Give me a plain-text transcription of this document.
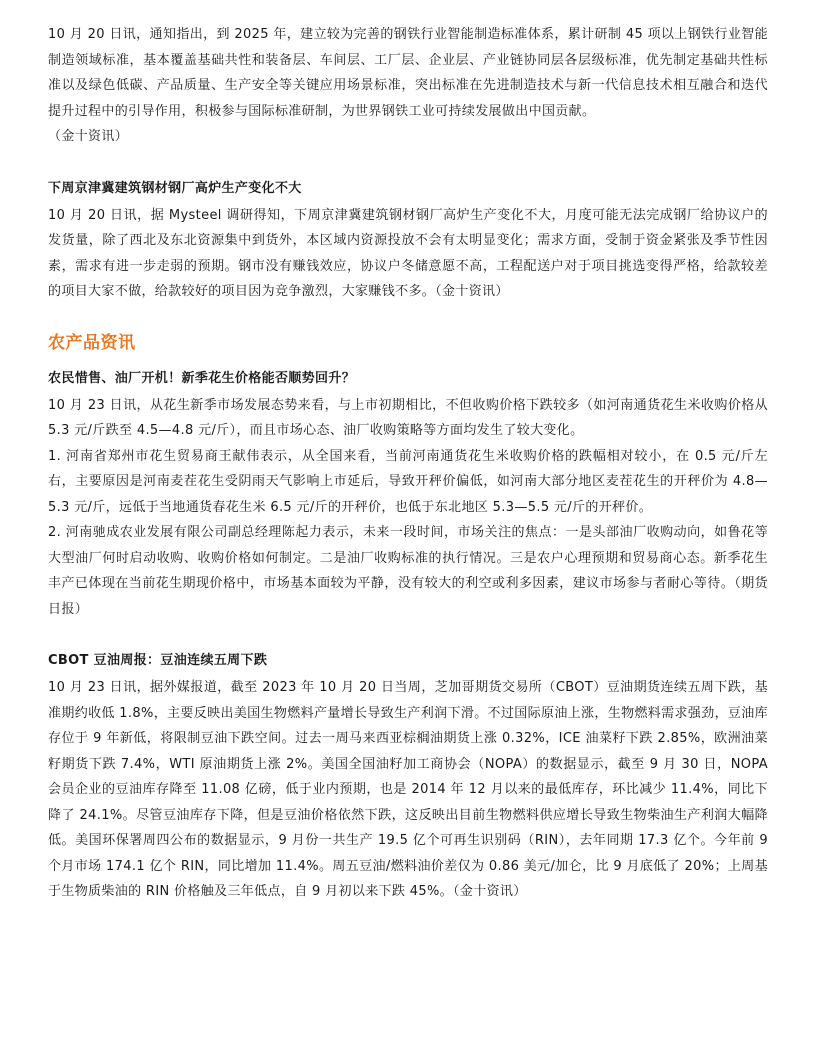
10 月 20 日讯，通知指出，到 2025 年，建立较为完善的钢铁行业智能制造标准体系，累计研制 45 项以上钢铁行业智能制造领域标准，基本覆盖基础共性和装备层、车间层、工厂层、企业层、产业链协同层各层级标准，优先制定基础共性标准以及绿色低碳、产品质量、生产安全等关键应用场景标准，突出标准在先进制造技术与新一代信息技术相互融合和迭代提升过程中的引导作用，积极参与国际标准研制，为世界钢铁工业可持续发展做出中国贡献。

（金十资讯）

下周京津冀建筑钢材钢厂高炉生产变化不大

10 月 20 日讯，据 Mysteel 调研得知，下周京津冀建筑钢材钢厂高炉生产变化不大，月度可能无法完成钢厂给协议户的发货量，除了西北及东北资源集中到货外，本区域内资源投放不会有太明显变化；需求方面，受制于资金紧张及季节性因素，需求有进一步走弱的预期。钢市没有赚钱效应，协议户冬储意愿不高，工程配送户对于项目挑选变得严格，给款较差的项目大家不做，给款较好的项目因为竞争激烈，大家赚钱不多。（金十资讯）

农产品资讯
农民惜售、油厂开机！新季花生价格能否顺势回升？

10 月 23 日讯，从花生新季市场发展态势来看，与上市初期相比，不但收购价格下跌较多（如河南通货花生米收购价格从 5.3 元/斤跌至 4.5—4.8 元/斤），而且市场心态、油厂收购策略等方面均发生了较大变化。

1. 河南省郑州市花生贸易商王献伟表示，从全国来看，当前河南通货花生米收购价格的跌幅相对较小，在 0.5 元/斤左右，主要原因是河南麦茬花生受阴雨天气影响上市延后，导致开秤价偏低，如河南大部分地区麦茬花生的开秤价为 4.8—5.3 元/斤，远低于当地通货春花生米 6.5 元/斤的开秤价，也低于东北地区 5.3—5.5 元/斤的开秤价。

2. 河南驰成农业发展有限公司副总经理陈起力表示，未来一段时间，市场关注的焦点：一是头部油厂收购动向，如鲁花等大型油厂何时启动收购、收购价格如何制定。二是油厂收购标准的执行情况。三是农户心理预期和贸易商心态。新季花生丰产已体现在当前花生期现价格中，市场基本面较为平静，没有较大的利空或利多因素，建议市场参与者耐心等待。（期货日报）

CBOT 豆油周报：豆油连续五周下跌

10 月 23 日讯，据外媒报道，截至 2023 年 10 月 20 日当周，芝加哥期货交易所（CBOT）豆油期货连续五周下跌，基准期约收低 1.8%，主要反映出美国生物燃料产量增长导致生产利润下滑。不过国际原油上涨，生物燃料需求强劲，豆油库存位于 9 年新低，将限制豆油下跌空间。过去一周马来西亚棕榈油期货上涨 0.32%，ICE 油菜籽下跌 2.85%，欧洲油菜籽期货下跌 7.4%，WTI 原油期货上涨 2%。美国全国油籽加工商协会（NOPA）的数据显示，截至 9 月 30 日，NOPA 会员企业的豆油库存降至 11.08 亿磅，低于业内预期，也是 2014 年 12 月以来的最低库存，环比减少 11.4%，同比下降了 24.1%。尽管豆油库存下降，但是豆油价格依然下跌，这反映出目前生物燃料供应增长导致生物柴油生产利润大幅降低。美国环保署周四公布的数据显示，9 月份一共生产 19.5 亿个可再生识别码（RIN），去年同期 17.3 亿个。今年前 9 个月市场 174.1 亿个 RIN，同比增加 11.4%。周五豆油/燃料油价差仅为 0.86 美元/加仑，比 9 月底低了 20%；上周基于生物质柴油的 RIN 价格触及三年低点，自 9 月初以来下跌 45%。（金十资讯）
